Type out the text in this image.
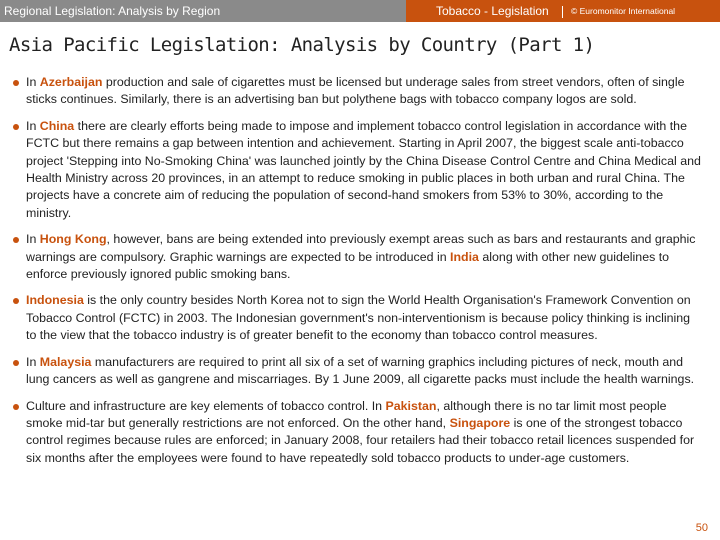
Regional Legislation: Analysis by Region	Tobacco - Legislation	© Euromonitor International
Asia Pacific Legislation: Analysis by Country (Part 1)
In Azerbaijan production and sale of cigarettes must be licensed but underage sales from street vendors, often of single sticks continues. Similarly, there is an advertising ban but polythene bags with tobacco company logos are sold.
In China there are clearly efforts being made to impose and implement tobacco control legislation in accordance with the FCTC but there remains a gap between intention and achievement. Starting in April 2007, the biggest scale anti-tobacco project 'Stepping into No-Smoking China' was launched jointly by the China Disease Control Centre and China Medical and Health Ministry across 20 provinces, in an attempt to reduce smoking in public places in both urban and rural China. The projects have a concrete aim of reducing the population of second-hand smokers from 53% to 30%, according to the ministry.
In Hong Kong, however, bans are being extended into previously exempt areas such as bars and restaurants and graphic warnings are compulsory. Graphic warnings are expected to be introduced in India along with other new guidelines to enforce previously ignored public smoking bans.
Indonesia is the only country besides North Korea not to sign the World Health Organisation's Framework Convention on Tobacco Control (FCTC) in 2003. The Indonesian government's non-interventionism is because policy thinking is inclining to the view that the tobacco industry is of greater benefit to the economy than tobacco control measures.
In Malaysia manufacturers are required to print all six of a set of warning graphics including pictures of neck, mouth and lung cancers as well as gangrene and miscarriages. By 1 June 2009, all cigarette packs must include the health warnings.
Culture and infrastructure are key elements of tobacco control. In Pakistan, although there is no tar limit most people smoke mid-tar but generally restrictions are not enforced. On the other hand, Singapore is one of the strongest tobacco control regimes because rules are enforced; in January 2008, four retailers had their tobacco retail licences suspended for six months after the employees were found to have repeatedly sold tobacco products to under-age customers.
50
